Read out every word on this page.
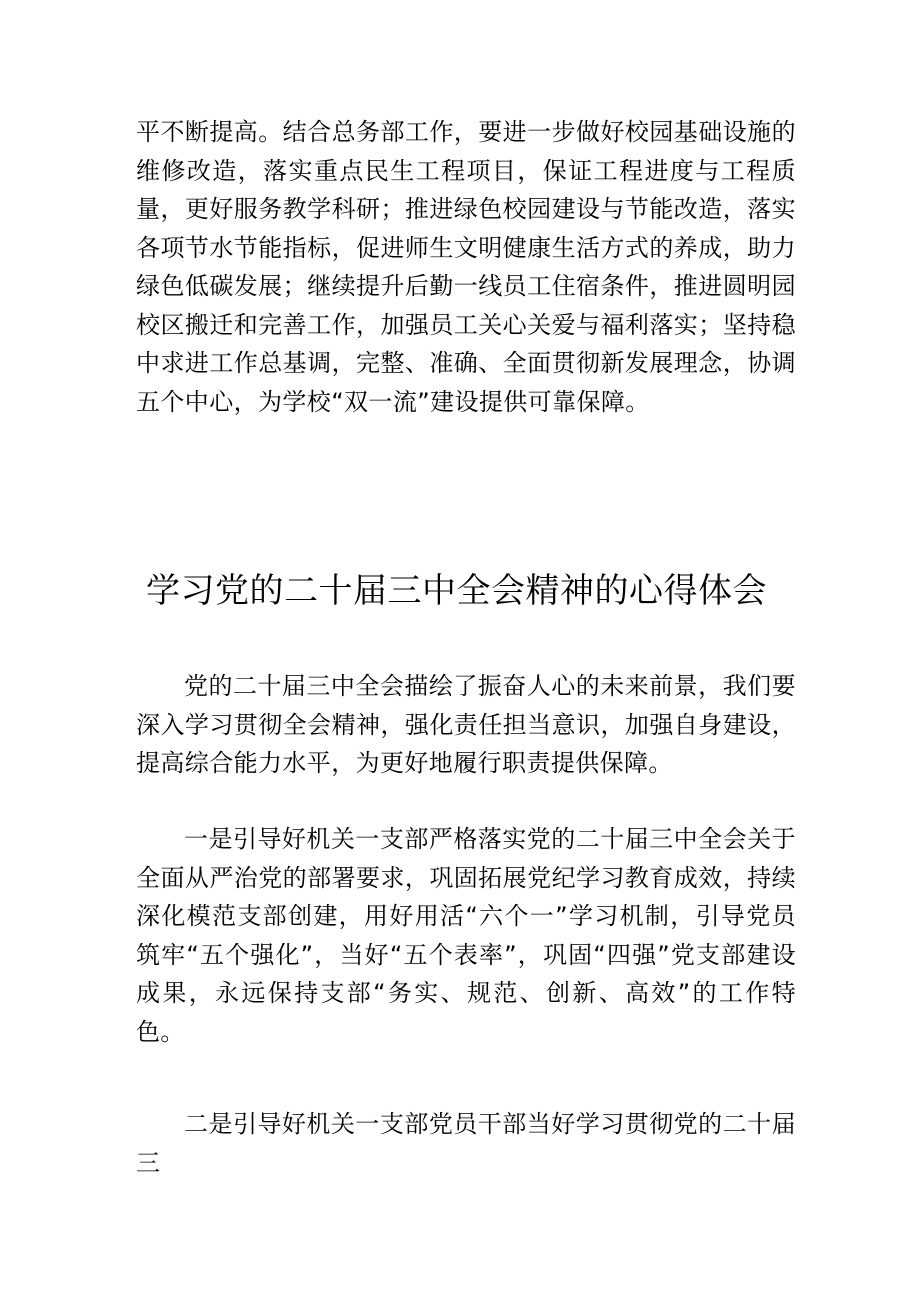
平不断提高。结合总务部工作，要进一步做好校园基础设施的维修改造，落实重点民生工程项目，保证工程进度与工程质量，更好服务教学科研；推进绿色校园建设与节能改造，落实各项节水节能指标，促进师生文明健康生活方式的养成，助力绿色低碳发展；继续提升后勤一线员工住宿条件，推进圆明园校区搬迁和完善工作，加强员工关心关爱与福利落实；坚持稳中求进工作总基调，完整、准确、全面贯彻新发展理念，协调五个中心，为学校“双一流”建设提供可靠保障。

学习党的二十届三中全会精神的心得体会

党的二十届三中全会描绘了振奋人心的未来前景，我们要深入学习贯彻全会精神，强化责任担当意识，加强自身建设，提高综合能力水平，为更好地履行职责提供保障。

一是引导好机关一支部严格落实党的二十届三中全会关于全面从严治党的部署要求，巩固拓展党纪学习教育成效，持续深化模范支部创建，用好用活“六个一”学习机制，引导党员筑牢“五个强化”，当好“五个表率”，巩固“四强”党支部建设成果，永远保持支部“务实、规范、创新、高效”的工作特色。

二是引导好机关一支部党员干部当好学习贯彻党的二十届三
